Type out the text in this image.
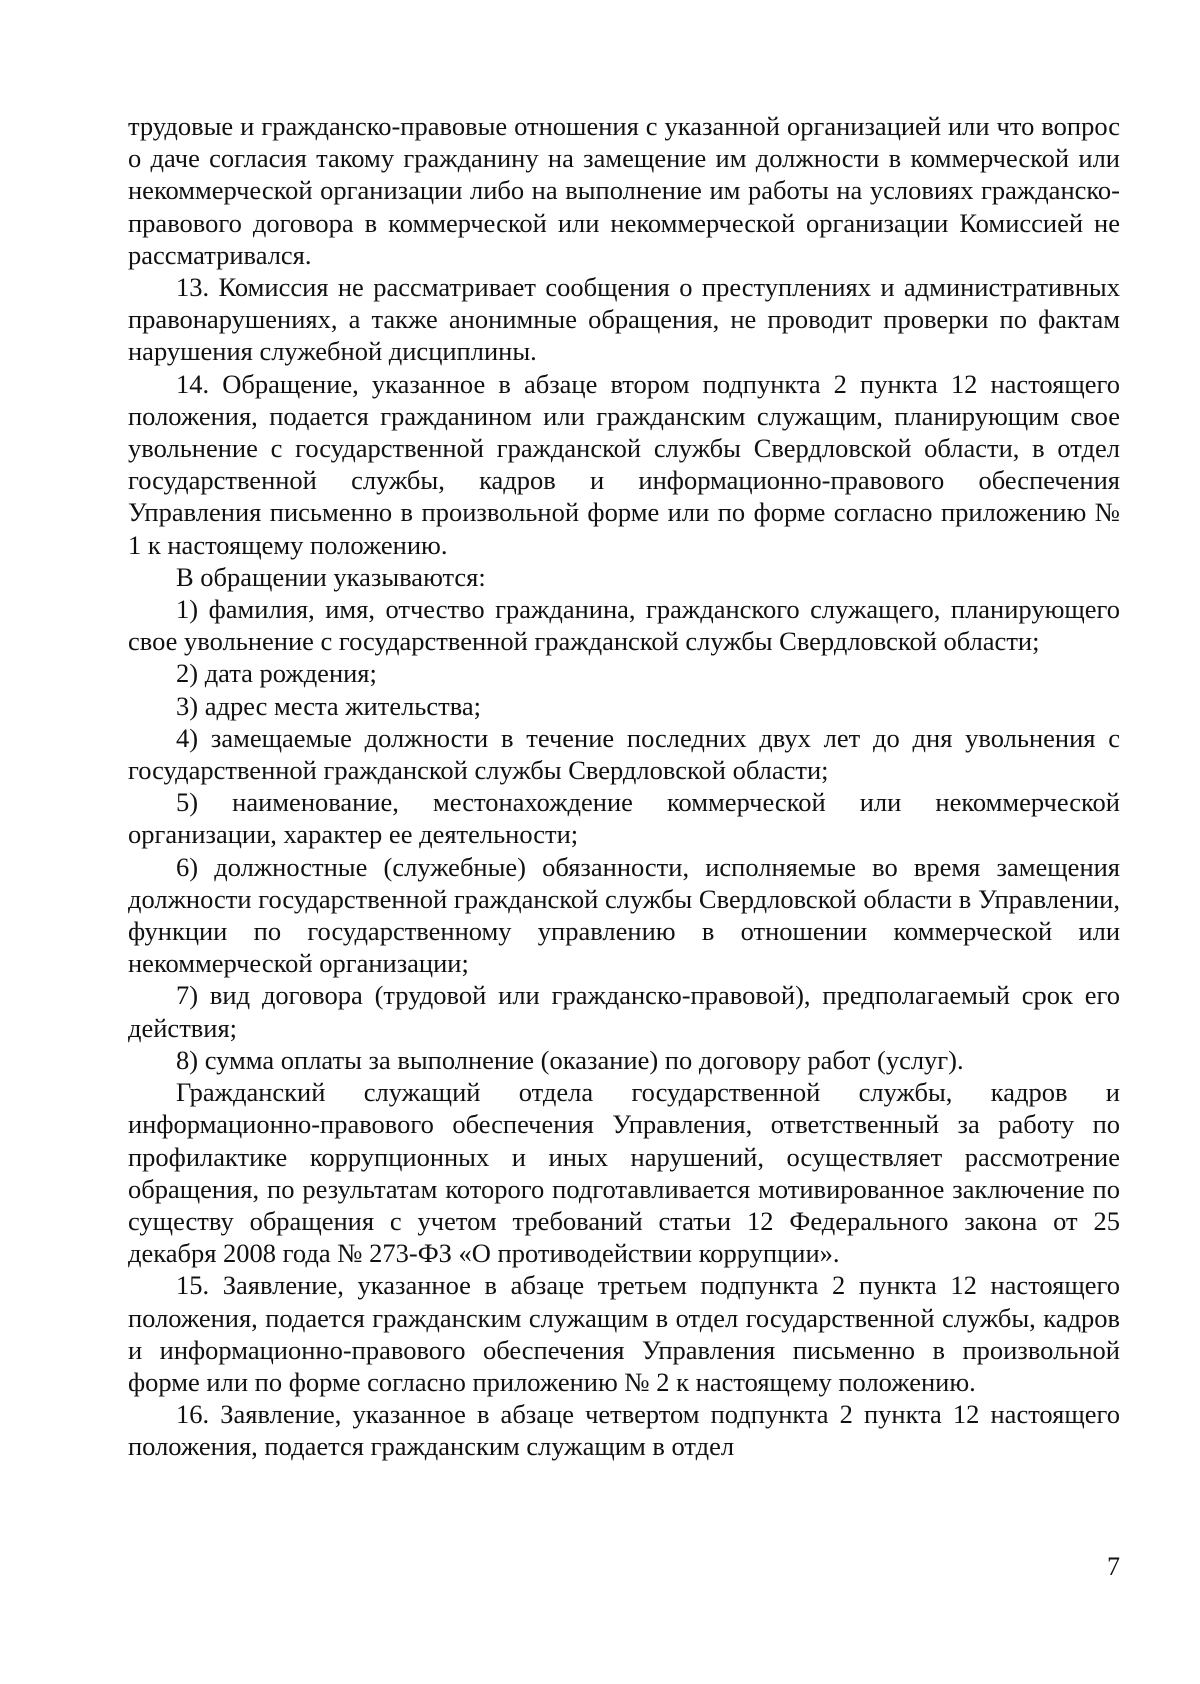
трудовые и гражданско-правовые отношения с указанной организацией или что вопрос о даче согласия такому гражданину на замещение им должности в коммерческой или некоммерческой организации либо на выполнение им работы на условиях гражданско-правового договора в коммерческой или некоммерческой организации Комиссией не рассматривался.

13. Комиссия не рассматривает сообщения о преступлениях и административных правонарушениях, а также анонимные обращения, не проводит проверки по фактам нарушения служебной дисциплины.

14. Обращение, указанное в абзаце втором подпункта 2 пункта 12 настоящего положения, подается гражданином или гражданским служащим, планирующим свое увольнение с государственной гражданской службы Свердловской области, в отдел государственной службы, кадров и информационно-правового обеспечения Управления письменно в произвольной форме или по форме согласно приложению № 1 к настоящему положению.

В обращении указываются:

1) фамилия, имя, отчество гражданина, гражданского служащего, планирующего свое увольнение с государственной гражданской службы Свердловской области;

2) дата рождения;

3) адрес места жительства;

4) замещаемые должности в течение последних двух лет до дня увольнения с государственной гражданской службы Свердловской области;

5) наименование, местонахождение коммерческой или некоммерческой организации, характер ее деятельности;

6) должностные (служебные) обязанности, исполняемые во время замещения должности государственной гражданской службы Свердловской области в Управлении, функции по государственному управлению в отношении коммерческой или некоммерческой организации;

7) вид договора (трудовой или гражданско-правовой), предполагаемый срок его действия;

8) сумма оплаты за выполнение (оказание) по договору работ (услуг).

Гражданский служащий отдела государственной службы, кадров и информационно-правового обеспечения Управления, ответственный за работу по профилактике коррупционных и иных нарушений, осуществляет рассмотрение обращения, по результатам которого подготавливается мотивированное заключение по существу обращения с учетом требований статьи 12 Федерального закона от 25 декабря 2008 года № 273-ФЗ «О противодействии коррупции».

15. Заявление, указанное в абзаце третьем подпункта 2 пункта 12 настоящего положения, подается гражданским служащим в отдел государственной службы, кадров и информационно-правового обеспечения Управления письменно в произвольной форме или по форме согласно приложению № 2 к настоящему положению.

16. Заявление, указанное в абзаце четвертом подпункта 2 пункта 12 настоящего положения, подается гражданским служащим в отдел

7
